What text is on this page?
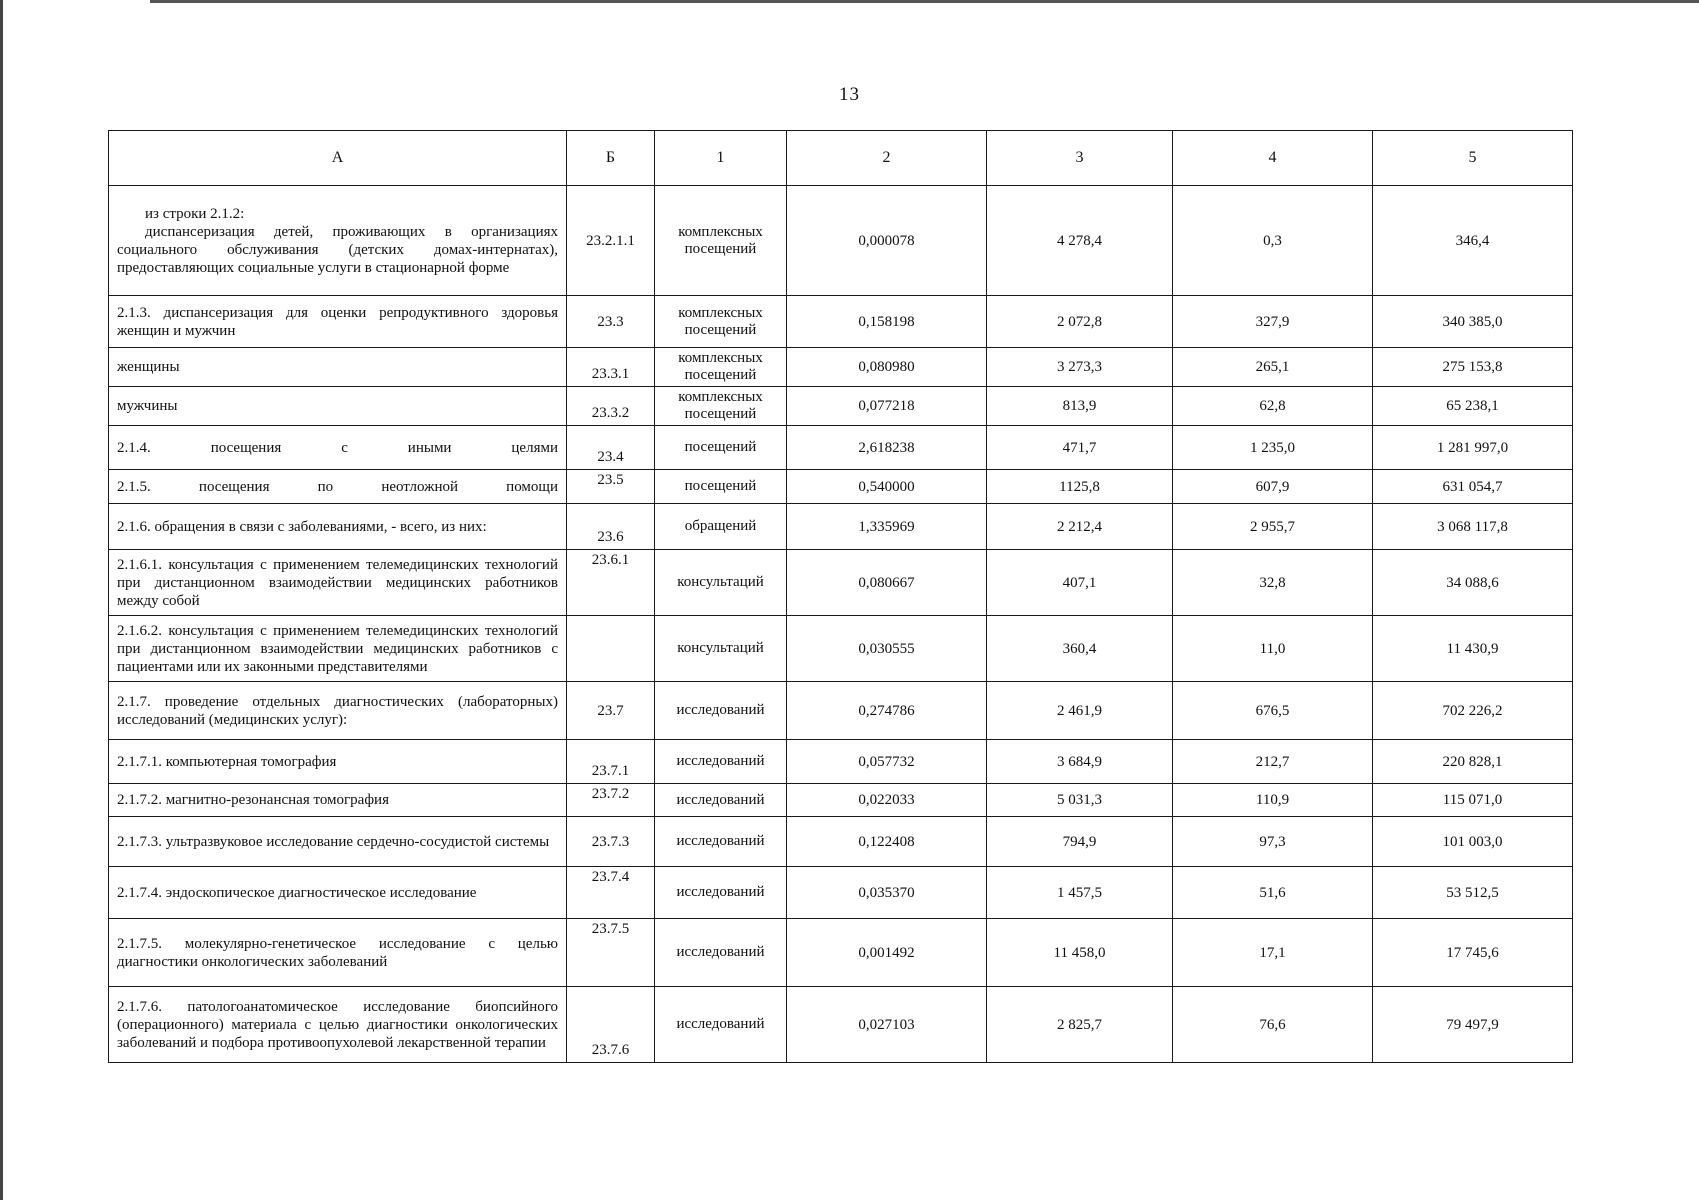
13
А	Б	1	2	3	4	5

из строки 2.1.2:
диспансеризация детей, проживающих в организациях социального обслуживания (детских домах-интернатах), предоставляющих социальные услуги в стационарной форме	23.2.1.1	комплексных посещений	0,000078	4 278,4	0,3	346,4
2.1.3. диспансеризация для оценки репродуктивного здоровья женщин и мужчин	23.3	комплексных посещений	0,158198	2 072,8	327,9	340 385,0
женщины	23.3.1	комплексных посещений	0,080980	3 273,3	265,1	275 153,8
мужчины	23.3.2	комплексных посещений	0,077218	813,9	62,8	65 238,1
2.1.4. посещения с иными целями	23.4	посещений	2,618238	471,7	1 235,0	1 281 997,0
2.1.5. посещения по неотложной помощи	23.5	посещений	0,540000	1125,8	607,9	631 054,7
2.1.6. обращения в связи с заболеваниями, - всего, из них:	23.6	обращений	1,335969	2 212,4	2 955,7	3 068 117,8
2.1.6.1. консультация с применением телемедицинских технологий при дистанционном взаимодействии медицинских работников между собой	23.6.1	консультаций	0,080667	407,1	32,8	34 088,6
2.1.6.2. консультация с применением телемедицинских технологий при дистанционном взаимодействии медицинских работников с пациентами или их законными представителями		консультаций	0,030555	360,4	11,0	11 430,9
2.1.7. проведение отдельных диагностических (лабораторных) исследований (медицинских услуг):	23.7	исследований	0,274786	2 461,9	676,5	702 226,2
2.1.7.1. компьютерная томография	23.7.1	исследований	0,057732	3 684,9	212,7	220 828,1
2.1.7.2. магнитно-резонансная томография	23.7.2	исследований	0,022033	5 031,3	110,9	115 071,0
2.1.7.3. ультразвуковое исследование сердечно-сосудистой системы	23.7.3	исследований	0,122408	794,9	97,3	101 003,0
2.1.7.4. эндоскопическое диагностическое исследование	23.7.4	исследований	0,035370	1 457,5	51,6	53 512,5
2.1.7.5. молекулярно-генетическое исследование с целью диагностики онкологических заболеваний	23.7.5	исследований	0,001492	11 458,0	17,1	17 745,6
2.1.7.6. патологоанатомическое исследование биопсийного (операционного) материала с целью диагностики онкологических заболеваний и подбора противоопухолевой лекарственной терапии	23.7.6	исследований	0,027103	2 825,7	76,6	79 497,9
